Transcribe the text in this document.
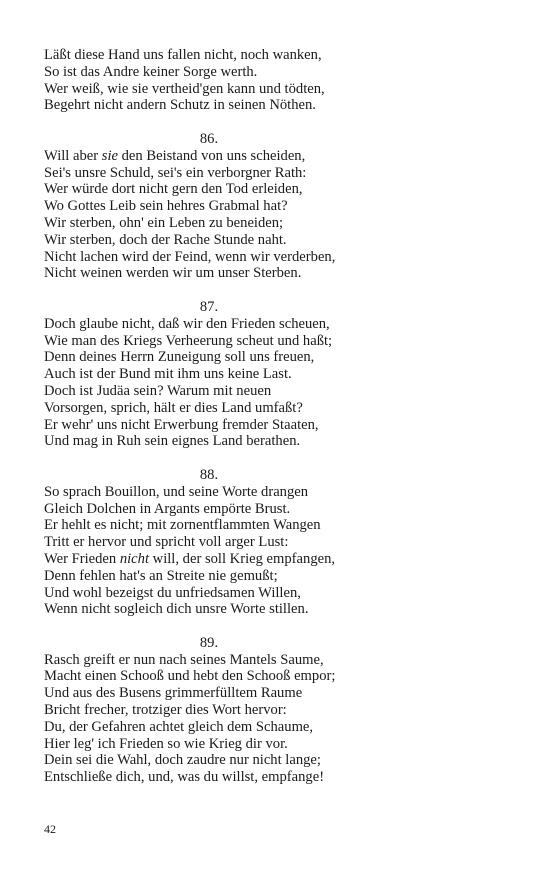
Läßt diese Hand uns fallen nicht, noch wanken,
So ist das Andre keiner Sorge werth.
Wer weiß, wie sie vertheid'gen kann und tödten,
Begehrt nicht andern Schutz in seinen Nöthen.
86.
Will aber sie den Beistand von uns scheiden,
Sei's unsre Schuld, sei's ein verborgner Rath:
Wer würde dort nicht gern den Tod erleiden,
Wo Gottes Leib sein hehres Grabmal hat?
Wir sterben, ohn' ein Leben zu beneiden;
Wir sterben, doch der Rache Stunde naht.
Nicht lachen wird der Feind, wenn wir verderben,
Nicht weinen werden wir um unser Sterben.
87.
Doch glaube nicht, daß wir den Frieden scheuen,
Wie man des Kriegs Verheerung scheut und haßt;
Denn deines Herrn Zuneigung soll uns freuen,
Auch ist der Bund mit ihm uns keine Last.
Doch ist Judäa sein? Warum mit neuen
Vorsorgen, sprich, hält er dies Land umfaßt?
Er wehr' uns nicht Erwerbung fremder Staaten,
Und mag in Ruh sein eignes Land berathen.
88.
So sprach Bouillon, und seine Worte drangen
Gleich Dolchen in Argants empörte Brust.
Er hehlt es nicht; mit zornentflammten Wangen
Tritt er hervor und spricht voll arger Lust:
Wer Frieden nicht will, der soll Krieg empfangen,
Denn fehlen hat's an Streite nie gemußt;
Und wohl bezeigst du unfriedsamen Willen,
Wenn nicht sogleich dich unsre Worte stillen.
89.
Rasch greift er nun nach seines Mantels Saume,
Macht einen Schooß und hebt den Schooß empor;
Und aus des Busens grimmerfülltem Raume
Bricht frecher, trotziger dies Wort hervor:
Du, der Gefahren achtet gleich dem Schaume,
Hier leg' ich Frieden so wie Krieg dir vor.
Dein sei die Wahl, doch zaudre nur nicht lange;
Entschließe dich, und, was du willst, empfange!
42
